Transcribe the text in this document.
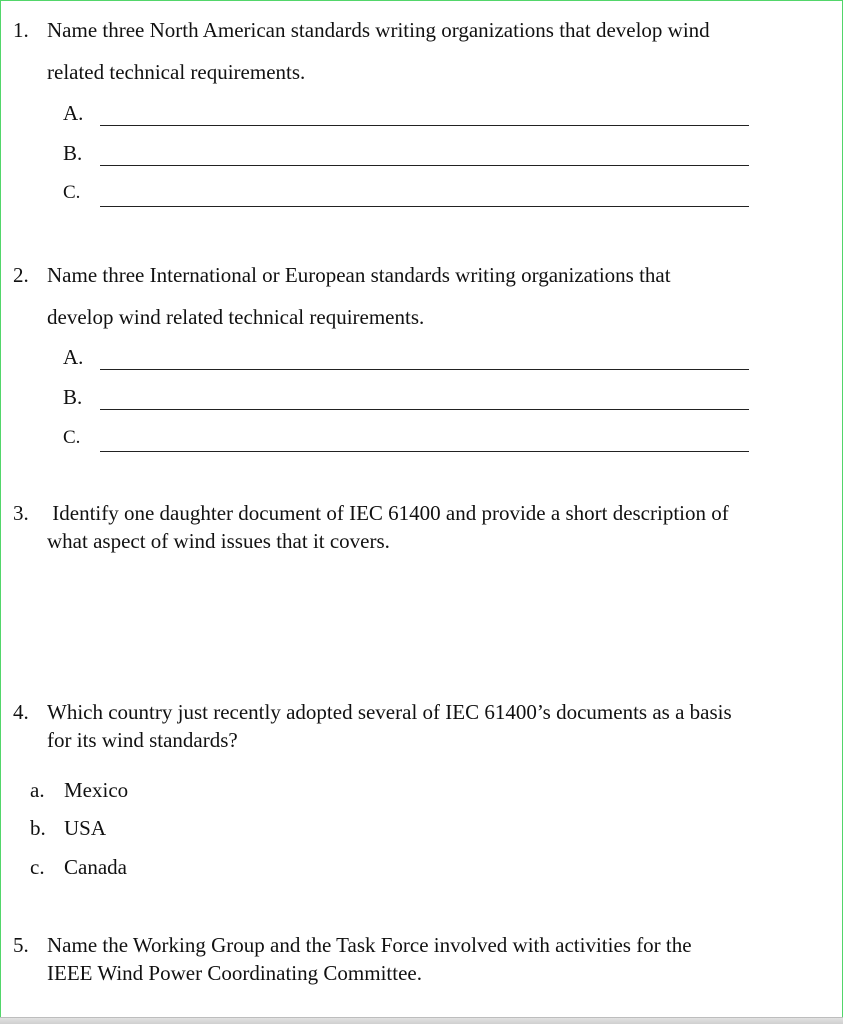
1. Name three North American standards writing organizations that develop wind
related technical requirements.
A.
B.
C.
2. Name three International or European standards writing organizations that
develop wind related technical requirements.
A.
B.
C.
3. Identify one daughter document of IEC 61400 and provide a short description of
what aspect of wind issues that it covers.
4. Which country just recently adopted several of IEC 61400’s documents as a basis
for its wind standards?
a. Mexico
b. USA
c. Canada
5. Name the Working Group and the Task Force involved with activities for the
IEEE Wind Power Coordinating Committee.
